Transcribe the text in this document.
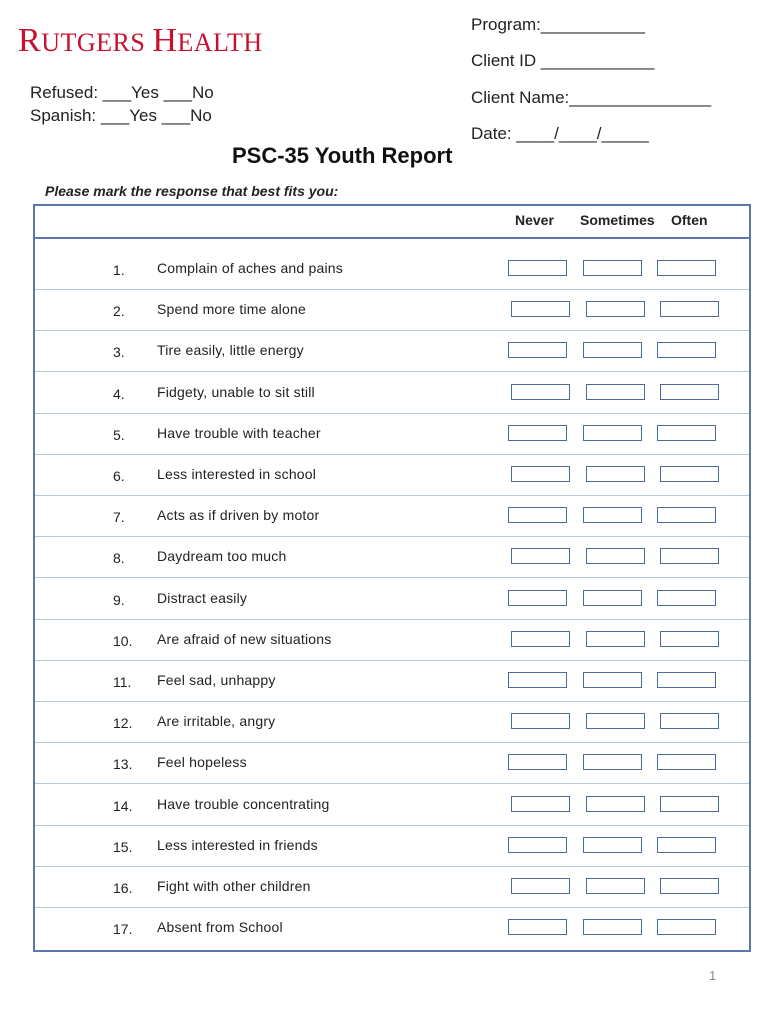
RUTGERS HEALTH
Program:___________
Client ID ____________
Refused: ___Yes ___No	Client Name:_______________
Spanish: ___Yes ___No
Date: ____/____/_____
PSC-35 Youth Report
Please mark the response that best fits you:
Never Sometimes Often
1.	Complain of aches and pains
2.	Spend more time alone
3.	Tire easily, little energy
4.	Fidgety, unable to sit still
5.	Have trouble with teacher
6.	Less interested in school
7.	Acts as if driven by motor
8.	Daydream too much
9.	Distract easily
10.	Are afraid of new situations
11.	Feel sad, unhappy
12.	Are irritable, angry
13.	Feel hopeless
14.	Have trouble concentrating
15.	Less interested in friends
16.	Fight with other children
17.	Absent from School
1
